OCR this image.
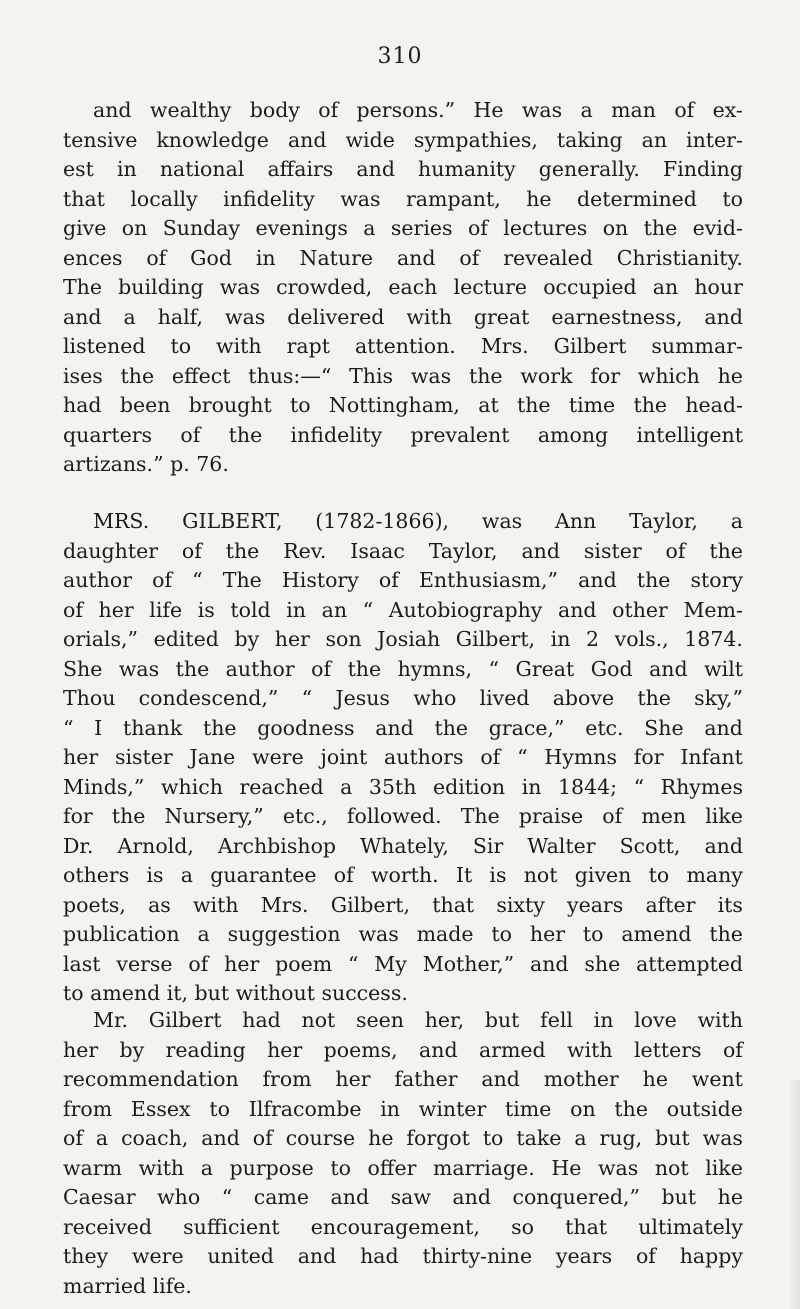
310
and wealthy body of persons.” He was a man of ex-
tensive knowledge and wide sympathies, taking an inter-
est in national affairs and humanity generally. Finding
that locally infidelity was rampant, he determined to
give on Sunday evenings a series of lectures on the evid-
ences of God in Nature and of revealed Christianity.
The building was crowded, each lecture occupied an hour
and a half, was delivered with great earnestness, and
listened to with rapt attention. Mrs. Gilbert summar-
ises the effect thus:—“ This was the work for which he
had been brought to Nottingham, at the time the head-
quarters of the infidelity prevalent among intelligent
artizans.” p. 76.
MRS. GILBERT, (1782-1866), was Ann Taylor, a
daughter of the Rev. Isaac Taylor, and sister of the
author of “ The History of Enthusiasm,” and the story
of her life is told in an “ Autobiography and other Mem-
orials,” edited by her son Josiah Gilbert, in 2 vols., 1874.
She was the author of the hymns, “ Great God and wilt
Thou condescend,” “ Jesus who lived above the sky,”
“ I thank the goodness and the grace,” etc. She and
her sister Jane were joint authors of “ Hymns for Infant
Minds,” which reached a 35th edition in 1844; “ Rhymes
for the Nursery,” etc., followed. The praise of men like
Dr. Arnold, Archbishop Whately, Sir Walter Scott, and
others is a guarantee of worth. It is not given to many
poets, as with Mrs. Gilbert, that sixty years after its
publication a suggestion was made to her to amend the
last verse of her poem “ My Mother,” and she attempted
to amend it, but without success.
Mr. Gilbert had not seen her, but fell in love with
her by reading her poems, and armed with letters of
recommendation from her father and mother he went
from Essex to Ilfracombe in winter time on the outside
of a coach, and of course he forgot to take a rug, but was
warm with a purpose to offer marriage. He was not like
Caesar who “ came and saw and conquered,” but he
received sufficient encouragement, so that ultimately
they were united and had thirty-nine years of happy
married life.
